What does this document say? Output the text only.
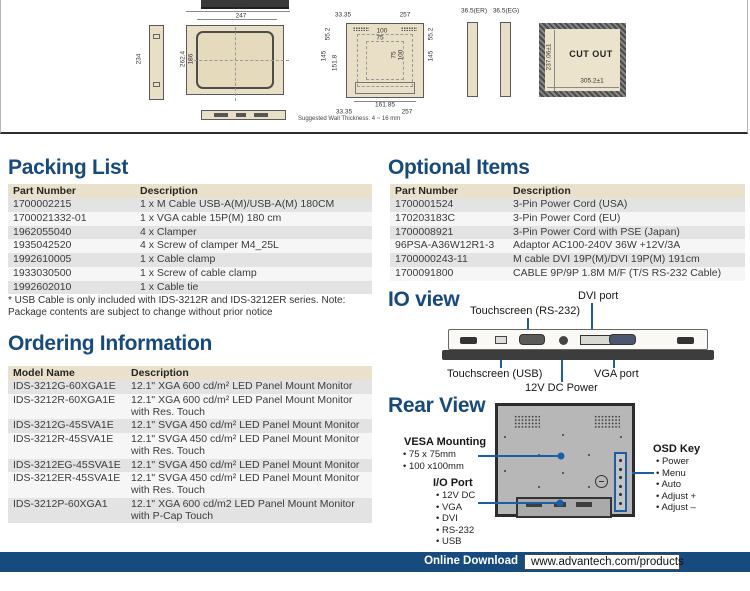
234
323.7
247
262.4 186
Suggested Wall Thickness: 4 ~ 16 mm
33.35	257
55.2
145 151.8
55.2
145
100
75
75 100
161.85
33.35	257
36.5(ER) 36.5(EG)
CUT OUT
237.06±1
305.2±1
Packing List
Part Number	Description
1700002215	1 x M Cable USB-A(M)/USB-A(M) 180CM
1700021332-01	1 x VGA cable 15P(M) 180 cm
1962055040	4 x Clamper
1935042520	4 x Screw of clamper M4_25L
1992610005	1 x Cable clamp
1933030500	1 x Screw of cable clamp
1992602010	1 x Cable tie
* USB Cable is only included with IDS-3212R and IDS-3212ER series. Note: Package contents are subject to change without prior notice
Ordering Information
Model Name	Description
IDS-3212G-60XGA1E	12.1" XGA 600 cd/m² LED Panel Mount Monitor
IDS-3212R-60XGA1E	12.1" XGA 600 cd/m² LED Panel Mount Monitor with Res. Touch
IDS-3212G-45SVA1E	12.1" SVGA 450 cd/m² LED Panel Mount Monitor
IDS-3212R-45SVA1E	12.1" SVGA 450 cd/m² LED Panel Mount Monitor with Res. Touch
IDS-3212EG-45SVA1E	12.1" SVGA 450 cd/m² LED Panel Mount Monitor
IDS-3212ER-45SVA1E	12.1" SVGA 450 cd/m² LED Panel Mount Monitor with Res. Touch
IDS-3212P-60XGA1	12.1" XGA 600 cd/m2 LED Panel Mount Monitor with P-Cap Touch
Optional Items
Part Number	Description
1700001524	3-Pin Power Cord (USA)
170203183C	3-Pin Power Cord (EU)
1700008921	3-Pin Power Cord with PSE (Japan)
96PSA-A36W12R1-3	Adaptor AC100-240V 36W +12V/3A
1700000243-11	M cable DVI 19P(M)/DVI 19P(M) 191cm
1700091800	CABLE 9P/9P 1.8M M/F (T/S RS-232 Cable)
IO view Touchscreen (RS-232)
DVI port
Touchscreen (USB)
12V DC Power
VGA port
Rear View
VESA Mounting
• 75 x 75mm
• 100 x100mm
I/O Port
• 12V DC
• VGA
• DVI
• RS-232
• USB
OSD Key
• Power
• Menu
• Auto
• Adjust +
• Adjust –
Online Download	www.advantech.com/products
